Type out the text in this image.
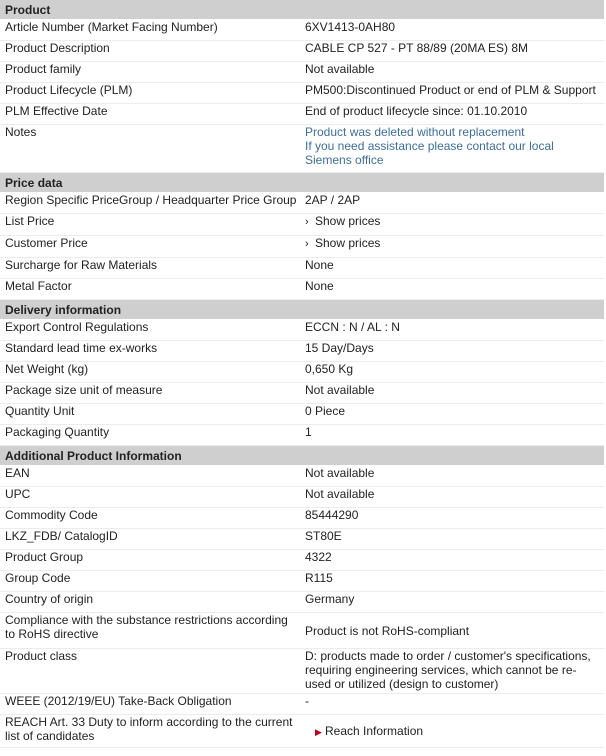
Product	
Article Number (Market Facing Number)	6XV1413-0AH80
Product Description	CABLE CP 527 - PT 88/89 (20MA ES) 8M
Product family	Not available
Product Lifecycle (PLM)	PM500:Discontinued Product or end of PLM & Support
PLM Effective Date	End of product lifecycle since: 01.10.2010
Notes	Product was deleted without replacement
If you need assistance please contact our local
Siemens office

Price data	
Region Specific PriceGroup / Headquarter Price Group	2AP / 2AP
List Price	› Show prices
Customer Price	› Show prices
Surcharge for Raw Materials	None
Metal Factor	None
Delivery information	
Export Control Regulations	ECCN : N / AL : N
Standard lead time ex-works	15 Day/Days
Net Weight (kg)	0,650 Kg
Package size unit of measure	Not available
Quantity Unit	0 Piece
Packaging Quantity	1
Additional Product Information	
EAN	Not available
UPC	Not available
Commodity Code	85444290
LKZ_FDB/ CatalogID	ST80E
Product Group	4322
Group Code	R115
Country of origin	Germany

Compliance with the substance restrictions according
to RoHS directive	Product is not RoHS-compliant
Product class	D: products made to order / customer's specifications,
requiring engineering services, which cannot be re-
used or utilized (design to customer)

WEEE (2012/19/EU) Take-Back Obligation	-

REACH Art. 33 Duty to inform according to the current
list of candidates	▶ Reach Information
